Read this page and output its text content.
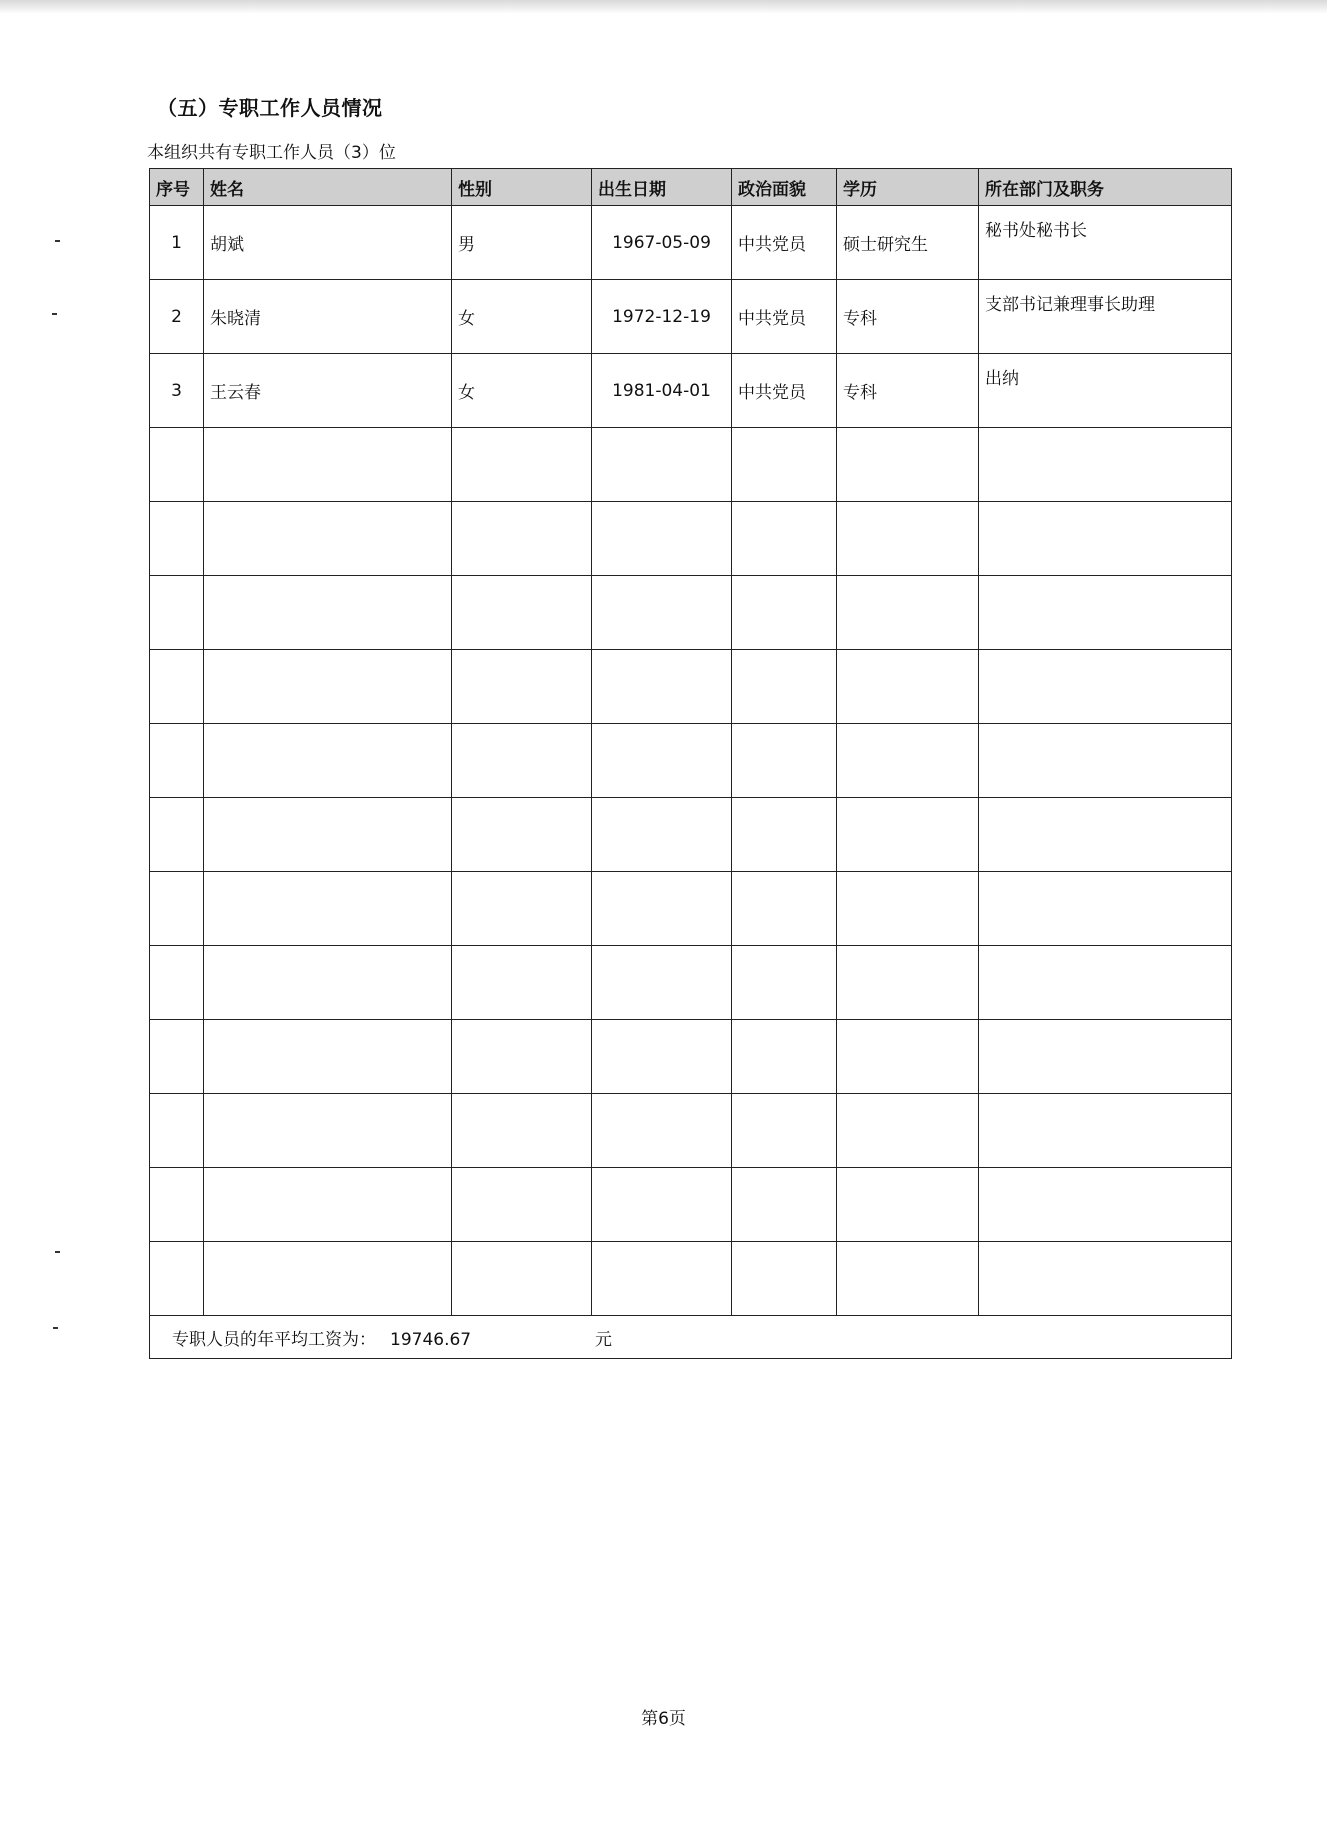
（五）专职工作人员情况
本组织共有专职工作人员（3）位
序号	姓名	性别	出生日期	政治面貌	学历	所在部门及职务
1	胡斌	男	1967-05-09	中共党员	硕士研究生	秘书处秘书长
2	朱晓清	女	1972-12-19	中共党员	专科	支部书记兼理事长助理
3	王云春	女	1981-04-01	中共党员	专科	出纳

专职人员的年平均工资为： 19746.67 元						
第6页
